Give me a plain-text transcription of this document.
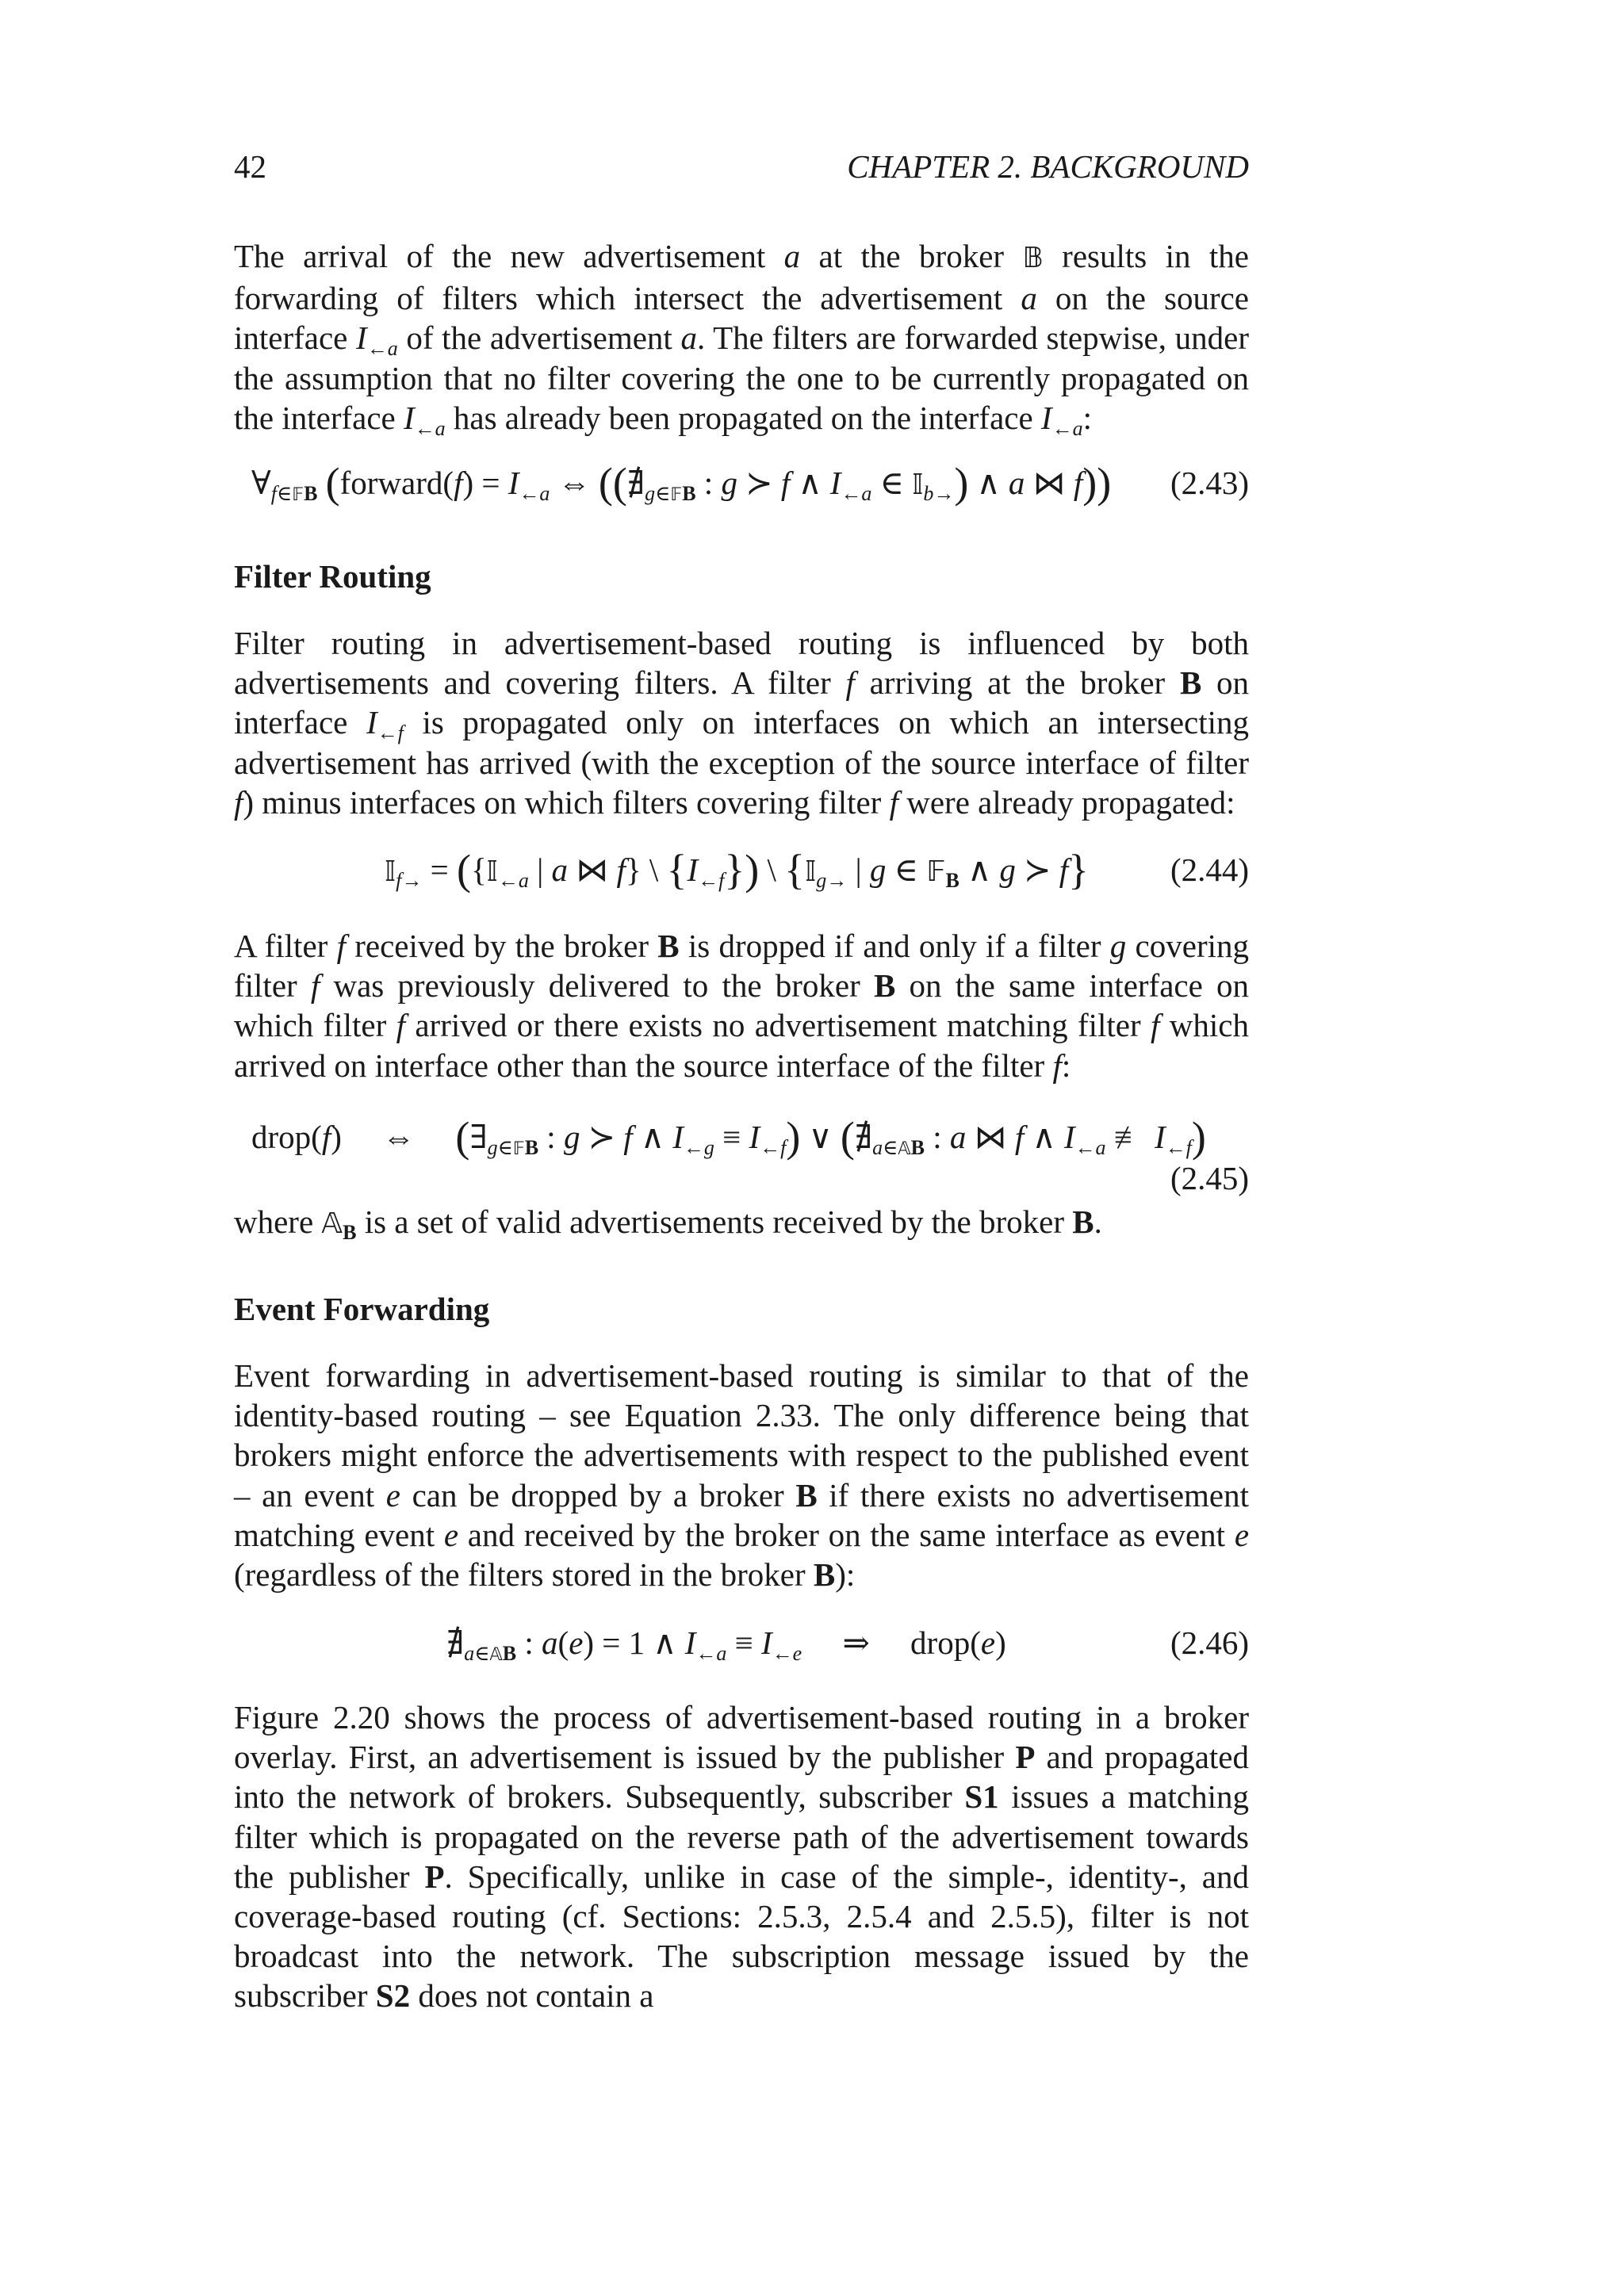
42	CHAPTER 2. BACKGROUND

The arrival of the new advertisement a at the broker 𝔹 results in the forwarding of filters which intersect the advertisement a on the source interface $I_{\leftarrow a}$ of the advertisement a. The filters are forwarded stepwise, under the assumption that no filter covering the one to be currently propagated on the interface $I_{\leftarrow a}$ has already been propagated on the interface $I_{\leftarrow a}$:

$\forall_{f\in 𝔽B}$ (forward(f) = $I_{\leftarrow a}$ ⇔ (($∄_{g\in 𝔽B}$ : g ≻ f ∧ $I_{\leftarrow a}$ ∈ 𝕀$_{b\to}$) ∧ a ⋈ f)) (2.43)

Filter Routing

Filter routing in advertisement-based routing is influenced by both advertisements and covering filters. A filter f arriving at the broker B on interface $I_{\leftarrow f}$ is propagated only on interfaces on which an intersecting advertisement has arrived (with the exception of the source interface of filter f) minus interfaces on which filters covering filter f were already propagated:

𝕀$_{f\to}$ = ({𝕀$_{\leftarrow a}$ | a ⋈ f} \ $\{I_{\leftarrow f}\}$) \ {𝕀$_{g\to}$ | g ∈ 𝔽$_B$ ∧ g ≻ f}	(2.44)

A filter f received by the broker B is dropped if and only if a filter g covering filter f was previously delivered to the broker B on the same interface on which filter f arrived or there exists no advertisement matching filter f which arrived on interface other than the source interface of the filter f:

drop(f)     ⇔     ($\exists_{g\in 𝔽B}$ : g ≻ f ∧ $I_{\leftarrow g} \equiv I_{\leftarrow f}$) ∨ ($∄_{a\in 𝔸B}$ : a ⋈ f ∧ $I_{\leftarrow a}$ ≢ $I_{\leftarrow f}$)
(2.45)

where 𝔸$_B$ is a set of valid advertisements received by the broker B.

Event Forwarding

Event forwarding in advertisement-based routing is similar to that of the identity-based routing – see Equation 2.33. The only difference being that brokers might enforce the advertisements with respect to the published event – an event e can be dropped by a broker B if there exists no advertisement matching event e and received by the broker on the same interface as event e (regardless of the filters stored in the broker B):

$∄_{a\in 𝔸B}$ : a(e) = 1 ∧ $I_{\leftarrow a} \equiv I_{\leftarrow e}$     ⇒     drop(e)	(2.46)

Figure 2.20 shows the process of advertisement-based routing in a broker overlay. First, an advertisement is issued by the publisher P and propagated into the network of brokers. Subsequently, subscriber S1 issues a matching filter which is propagated on the reverse path of the advertisement towards the publisher P. Specifically, unlike in case of the simple-, identity-, and coverage-based routing (cf. Sections: 2.5.3, 2.5.4 and 2.5.5), filter is not broadcast into the network. The subscription message issued by the subscriber S2 does not contain a
